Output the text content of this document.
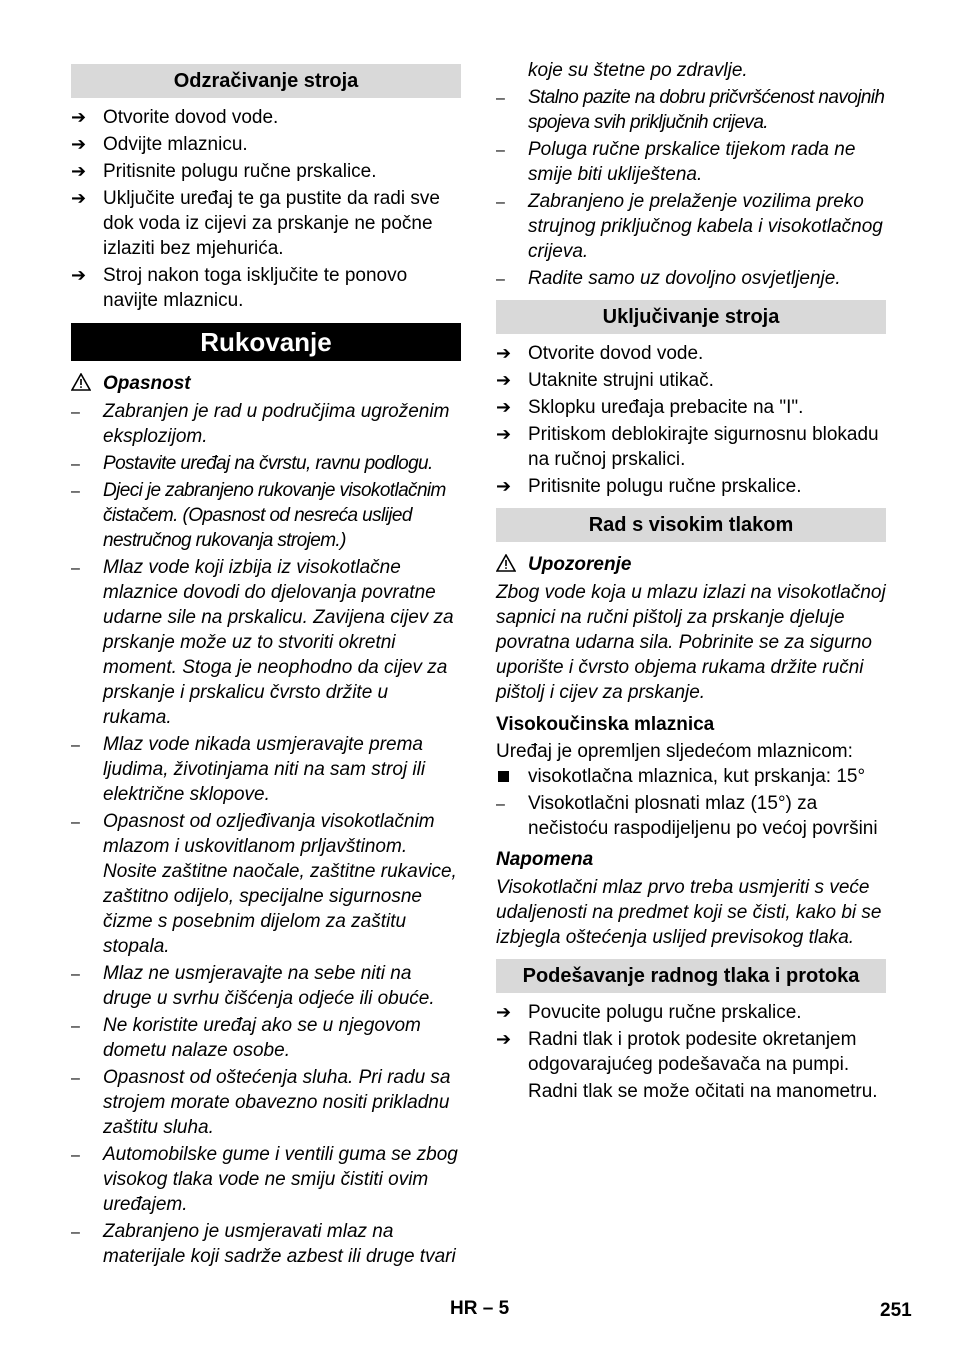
Odzračivanje stroja
➔ Otvorite dovod vode.
➔ Odvijte mlaznicu.
➔ Pritisnite polugu ručne prskalice.
➔ Uključite uređaj te ga pustite da radi sve dok voda iz cijevi za prskanje ne počne izlaziti bez mjehurića.
➔ Stroj nakon toga isključite te ponovo navijte mlaznicu.
Rukovanje
Opasnost
–	Zabranjen je rad u područjima ugroženim eksplozijom.
–	Postavite uređaj na čvrstu, ravnu podlogu.
–	Djeci je zabranjeno rukovanje visokotlačnim čistačem. (Opasnost od nesreća uslijed nestručnog rukovanja strojem.)
–	Mlaz vode koji izbija iz visokotlačne mlaznice dovodi do djelovanja povratne udarne sile na prskalicu. Zavijena cijev za prskanje može uz to stvoriti okretni moment. Stoga je neophodno da cijev za prskanje i prskalicu čvrsto držite u rukama.
–	Mlaz vode nikada usmjeravajte prema ljudima, životinjama niti na sam stroj ili električne sklopove.
–	Opasnost od ozljeđivanja visokotlačnim mlazom i uskovitlanom prljavštinom. Nosite zaštitne naočale, zaštitne rukavice, zaštitno odijelo, specijalne sigurnosne čizme s posebnim dijelom za zaštitu stopala.
–	Mlaz ne usmjeravajte na sebe niti na druge u svrhu čišćenja odjeće ili obuće.
–	Ne koristite uređaj ako se u njegovom dometu nalaze osobe.
–	Opasnost od oštećenja sluha. Pri radu sa strojem morate obavezno nositi prikladnu zaštitu sluha.
–	Automobilske gume i ventili guma se zbog visokog tlaka vode ne smiju čistiti ovim uređajem.
–	Zabranjeno je usmjeravati mlaz na materijale koji sadrže azbest ili druge tvari
koje su štetne po zdravlje.
–	Stalno pazite na dobru pričvršćenost navojnih spojeva svih priključnih crijeva.
–	Poluga ručne prskalice tijekom rada ne smije biti ukliještena.
–	Zabranjeno je prelaženje vozilima preko strujnog priključnog kabela i visokotlačnog crijeva.
–	Radite samo uz dovoljno osvjetljenje.
Uključivanje stroja
➔ Otvorite dovod vode.
➔ Utaknite strujni utikač.
➔ Sklopku uređaja prebacite na "I".
➔ Pritiskom deblokirajte sigurnosnu blokadu na ručnoj prskalici.
➔ Pritisnite polugu ručne prskalice.
Rad s visokim tlakom
Upozorenje
Zbog vode koja u mlazu izlazi na visokotlačnoj sapnici na ručni pištolj za prskanje djeluje povratna udarna sila. Pobrinite se za sigurno uporište i čvrsto objema rukama držite ručni pištolj i cijev za prskanje.
Visokoučinska mlaznica
Uređaj je opremljen sljedećom mlaznicom:
visokotlačna mlaznica, kut prskanja: 15°
–	Visokotlačni plosnati mlaz (15°) za nečistoću raspodijeljenu po većoj površini
Napomena
Visokotlačni mlaz prvo treba usmjeriti s veće udaljenosti na predmet koji se čisti, kako bi se izbjegla oštećenja uslijed previsokog tlaka.
Podešavanje radnog tlaka i protoka
➔ Povucite polugu ručne prskalice.
➔ Radni tlak i protok podesite okretanjem odgovarajućeg podešavača na pumpi.
Radni tlak se može očitati na manometru.
HR – 5	251
